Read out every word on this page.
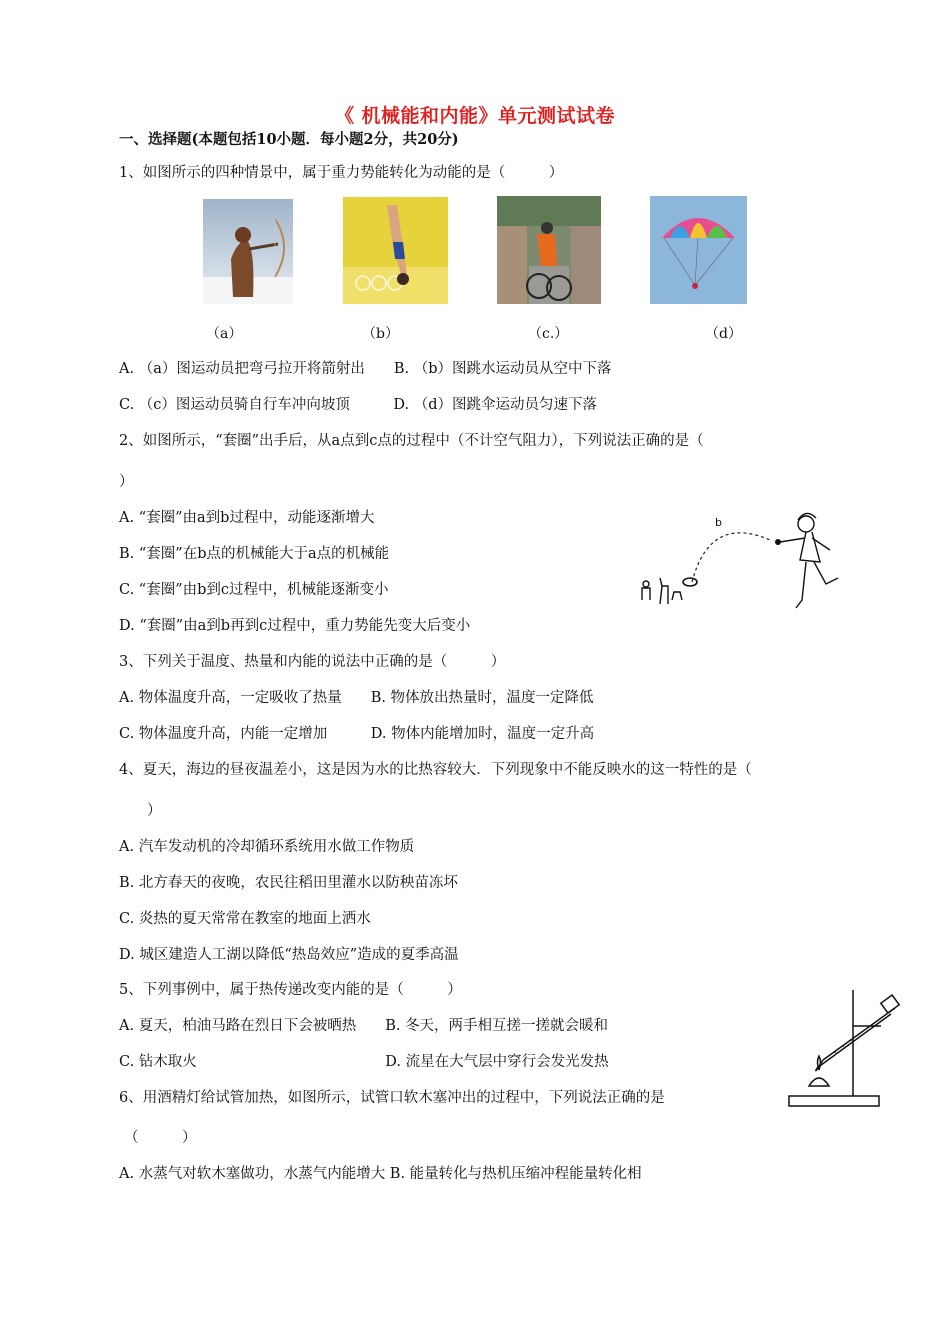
《 机械能和内能》单元测试试卷
一、选择题(本题包括10小题．每小题2分，共20分)
1、如图所示的四种情景中，属于重力势能转化为动能的是（　　　）
（a）	（b）	（c.）	（d）
A. （a）图运动员把弯弓拉开将箭射出　　B. （b）图跳水运动员从空中下落
C. （c）图运动员骑自行车冲向坡顶　　　D. （d）图跳伞运动员匀速下落
2、如图所示，“套圈”出手后，从a点到c点的过程中（不计空气阻力），下列说法正确的是（
）
A. “套圈”由a到b过程中，动能逐渐增大
B. “套圈”在b点的机械能大于a点的机械能
C. “套圈”由b到c过程中，机械能逐渐变小
D. “套圈”由a到b再到c过程中，重力势能先变大后变小
b
3、下列关于温度、热量和内能的说法中正确的是（　　　）
A. 物体温度升高，一定吸收了热量　　B. 物体放出热量时，温度一定降低
C. 物体温度升高，内能一定增加　　　D. 物体内能增加时，温度一定升高
4、夏天，海边的昼夜温差小，这是因为水的比热容较大．下列现象中不能反映水的这一特性的是（
）
A. 汽车发动机的冷却循环系统用水做工作物质
B. 北方春天的夜晚，农民往稻田里灌水以防秧苗冻坏
C. 炎热的夏天常常在教室的地面上洒水
D. 城区建造人工湖以降低“热岛效应”造成的夏季高温
5、下列事例中，属于热传递改变内能的是（　　　）
A. 夏天，柏油马路在烈日下会被晒热　　B. 冬天，两手相互搓一搓就会暖和
C. 钻木取火　　　　　　　　　　　　　D. 流星在大气层中穿行会发光发热
6、用酒精灯给试管加热，如图所示，试管口软木塞冲出的过程中，下列说法正确的是
（　　　）
A. 水蒸气对软木塞做功，水蒸气内能增大 B. 能量转化与热机压缩冲程能量转化相
